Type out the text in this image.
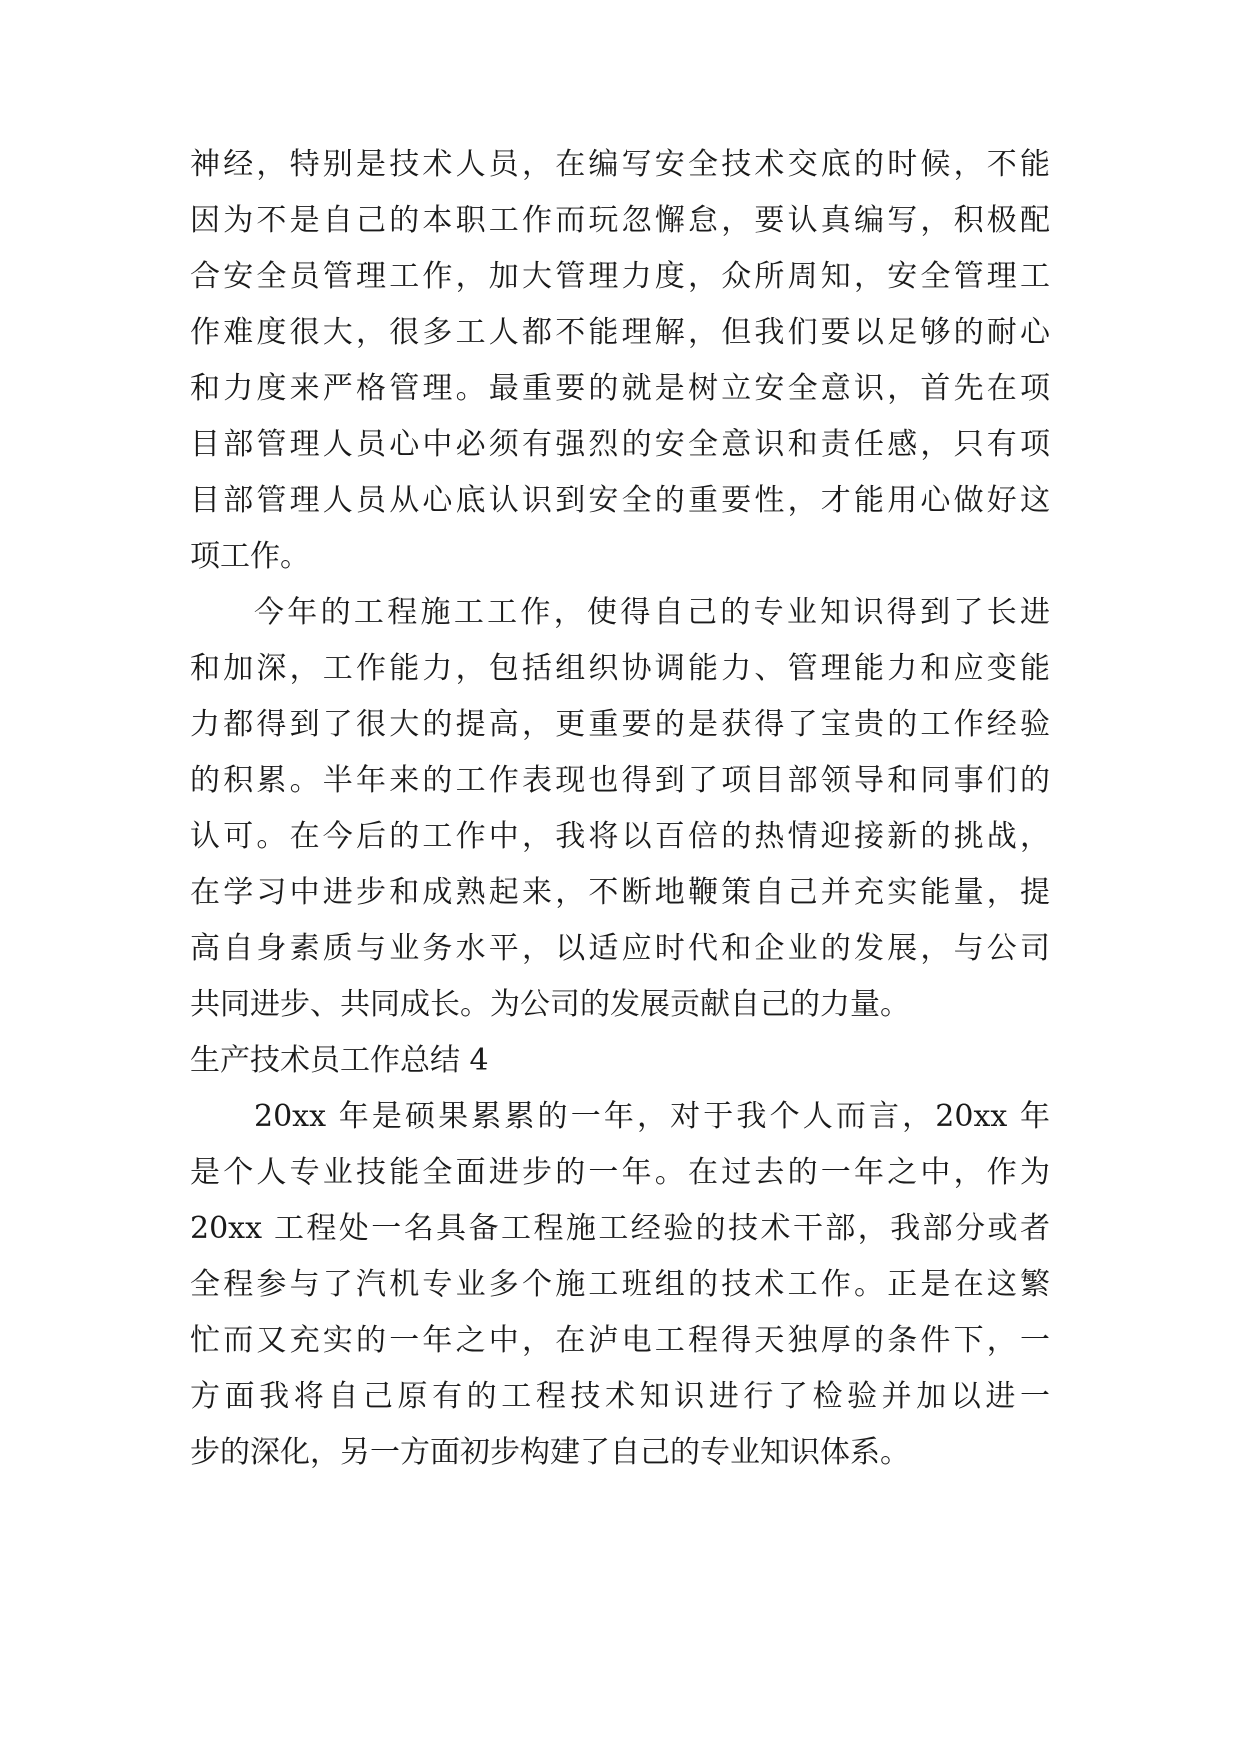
神经，特别是技术人员，在编写安全技术交底的时候，不能
因为不是自己的本职工作而玩忽懈怠，要认真编写，积极配
合安全员管理工作，加大管理力度，众所周知，安全管理工
作难度很大，很多工人都不能理解，但我们要以足够的耐心
和力度来严格管理。最重要的就是树立安全意识，首先在项
目部管理人员心中必须有强烈的安全意识和责任感，只有项
目部管理人员从心底认识到安全的重要性，才能用心做好这
项工作。
今年的工程施工工作，使得自己的专业知识得到了长进
和加深，工作能力，包括组织协调能力、管理能力和应变能
力都得到了很大的提高，更重要的是获得了宝贵的工作经验
的积累。半年来的工作表现也得到了项目部领导和同事们的
认可。在今后的工作中，我将以百倍的热情迎接新的挑战，
在学习中进步和成熟起来，不断地鞭策自己并充实能量，提
高自身素质与业务水平，以适应时代和企业的发展，与公司
共同进步、共同成长。为公司的发展贡献自己的力量。
生产技术员工作总结 4
20xx 年是硕果累累的一年，对于我个人而言，20xx 年
是个人专业技能全面进步的一年。在过去的一年之中，作为
20xx 工程处一名具备工程施工经验的技术干部，我部分或者
全程参与了汽机专业多个施工班组的技术工作。正是在这繁
忙而又充实的一年之中，在泸电工程得天独厚的条件下，一
方面我将自己原有的工程技术知识进行了检验并加以进一
步的深化，另一方面初步构建了自己的专业知识体系。
